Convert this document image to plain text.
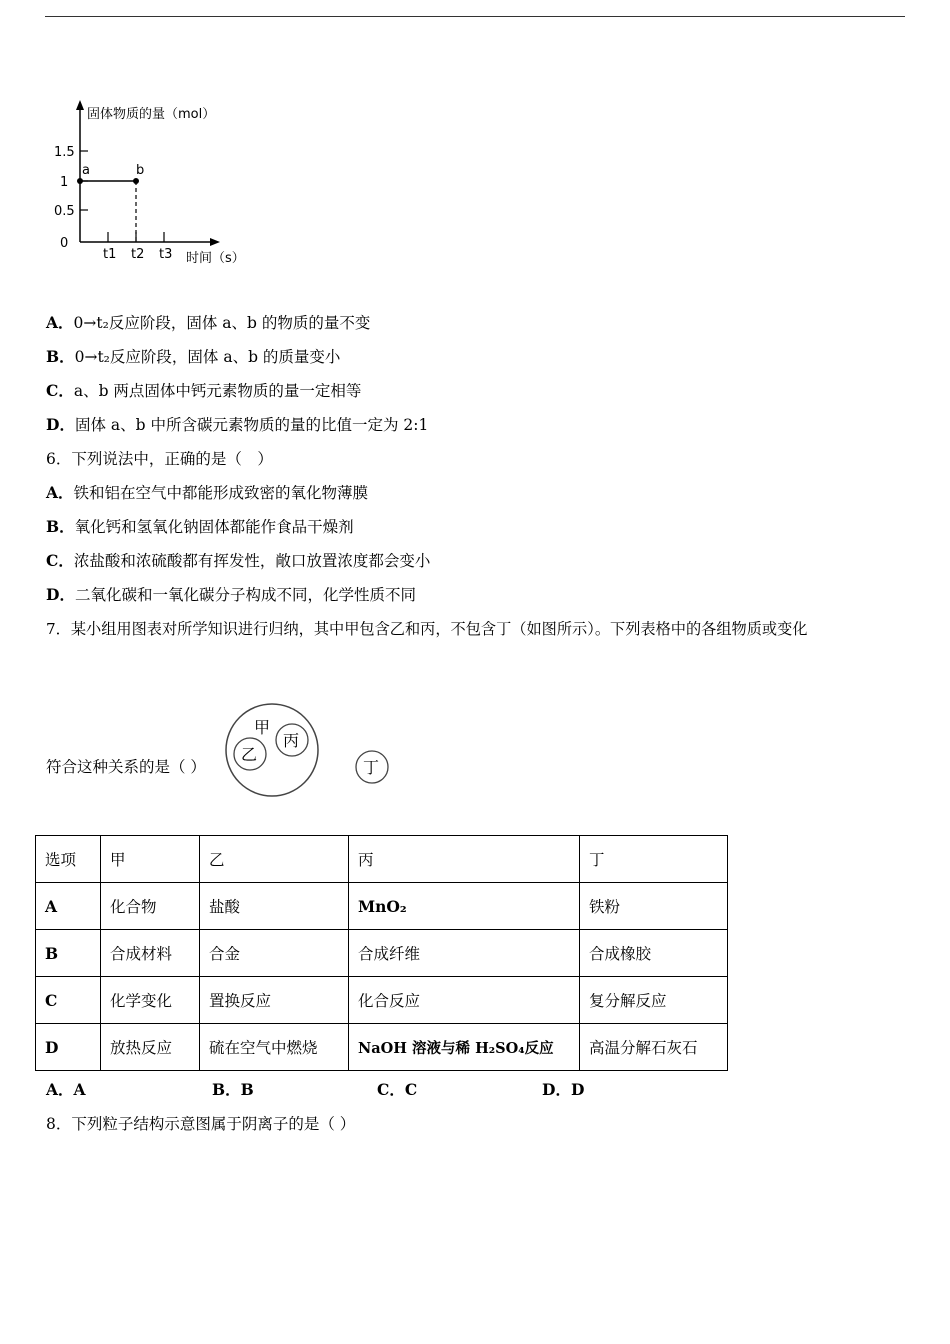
固体物质的量（mol）
1.5
1
0.5
0
a	b
t1 t2 t3 时间（s）
A．0→t₂反应阶段，固体 a、b 的物质的量不变
B．0→t₂反应阶段，固体 a、b 的质量变小
C．a、b 两点固体中钙元素物质的量一定相等
D．固体 a、b 中所含碳元素物质的量的比值一定为 2:1
6．下列说法中，正确的是（　）
A．铁和铝在空气中都能形成致密的氧化物薄膜
B．氧化钙和氢氧化钠固体都能作食品干燥剂
C．浓盐酸和浓硫酸都有挥发性，敞口放置浓度都会变小
D．二氧化碳和一氧化碳分子构成不同，化学性质不同
7．某小组用图表对所学知识进行归纳，其中甲包含乙和丙，不包含丁（如图所示）。下列表格中的各组物质或变化
符合这种关系的是（ ）
甲
乙
丙
丁
选项	甲	乙	丙	丁
A	化合物	盐酸	MnO₂	铁粉
B	合成材料	合金	合成纤维	合成橡胶
C	化学变化	置换反应	化合反应	复分解反应
D	放热反应	硫在空气中燃烧	NaOH 溶液与稀 H₂SO₄反应	高温分解石灰石
A．A	B．B	C．C	D．D
8．下列粒子结构示意图属于阴离子的是（ ）
